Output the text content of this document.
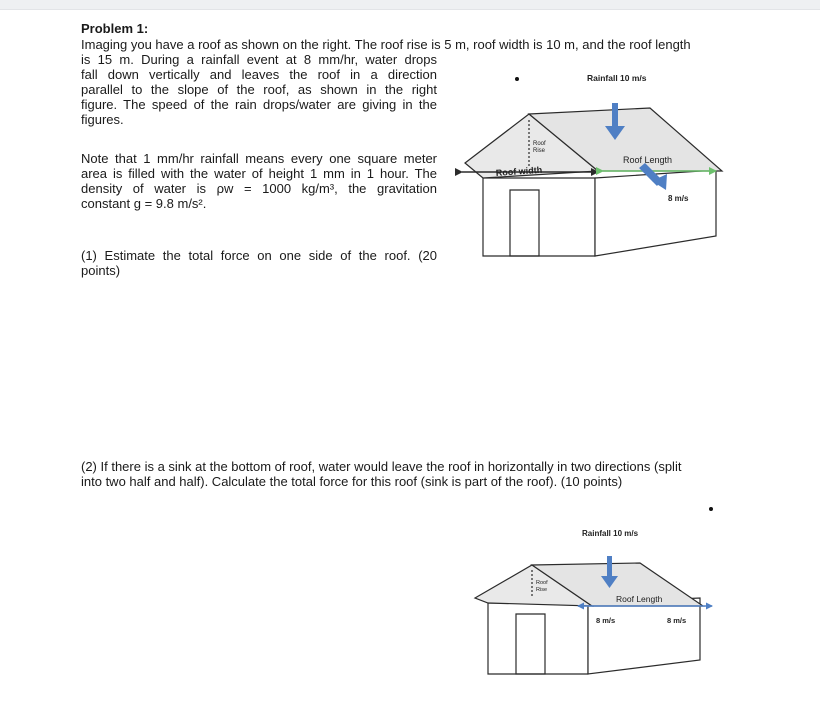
Problem 1:
Imaging you have a roof as shown on the right. The roof rise is 5 m, roof width is 10 m, and the roof length
is 15 m. During a rainfall event at 8 mm/hr, water drops
fall down vertically and leaves the roof in a direction
parallel to the slope of the roof, as shown in the right
figure. The speed of the rain drops/water are giving in the
figures.
Note that 1 mm/hr rainfall means every one square meter
area is filled with the water of height 1 mm in 1 hour. The
density of water is ρw = 1000 kg/m³, the gravitation
constant g = 9.8 m/s².
(1) Estimate the total force on one side of the roof. (20
points)
(2) If there is a sink at the bottom of roof, water would leave the roof in horizontally in two directions (split
into two half and half). Calculate the total force for this roof (sink is part of the roof). (10 points)
Rainfall 10 m/s
Roof
Rise
Roof width
Roof Length
8 m/s
Rainfall 10 m/s
Roof
Rise
Roof Length
8 m/s	8 m/s
